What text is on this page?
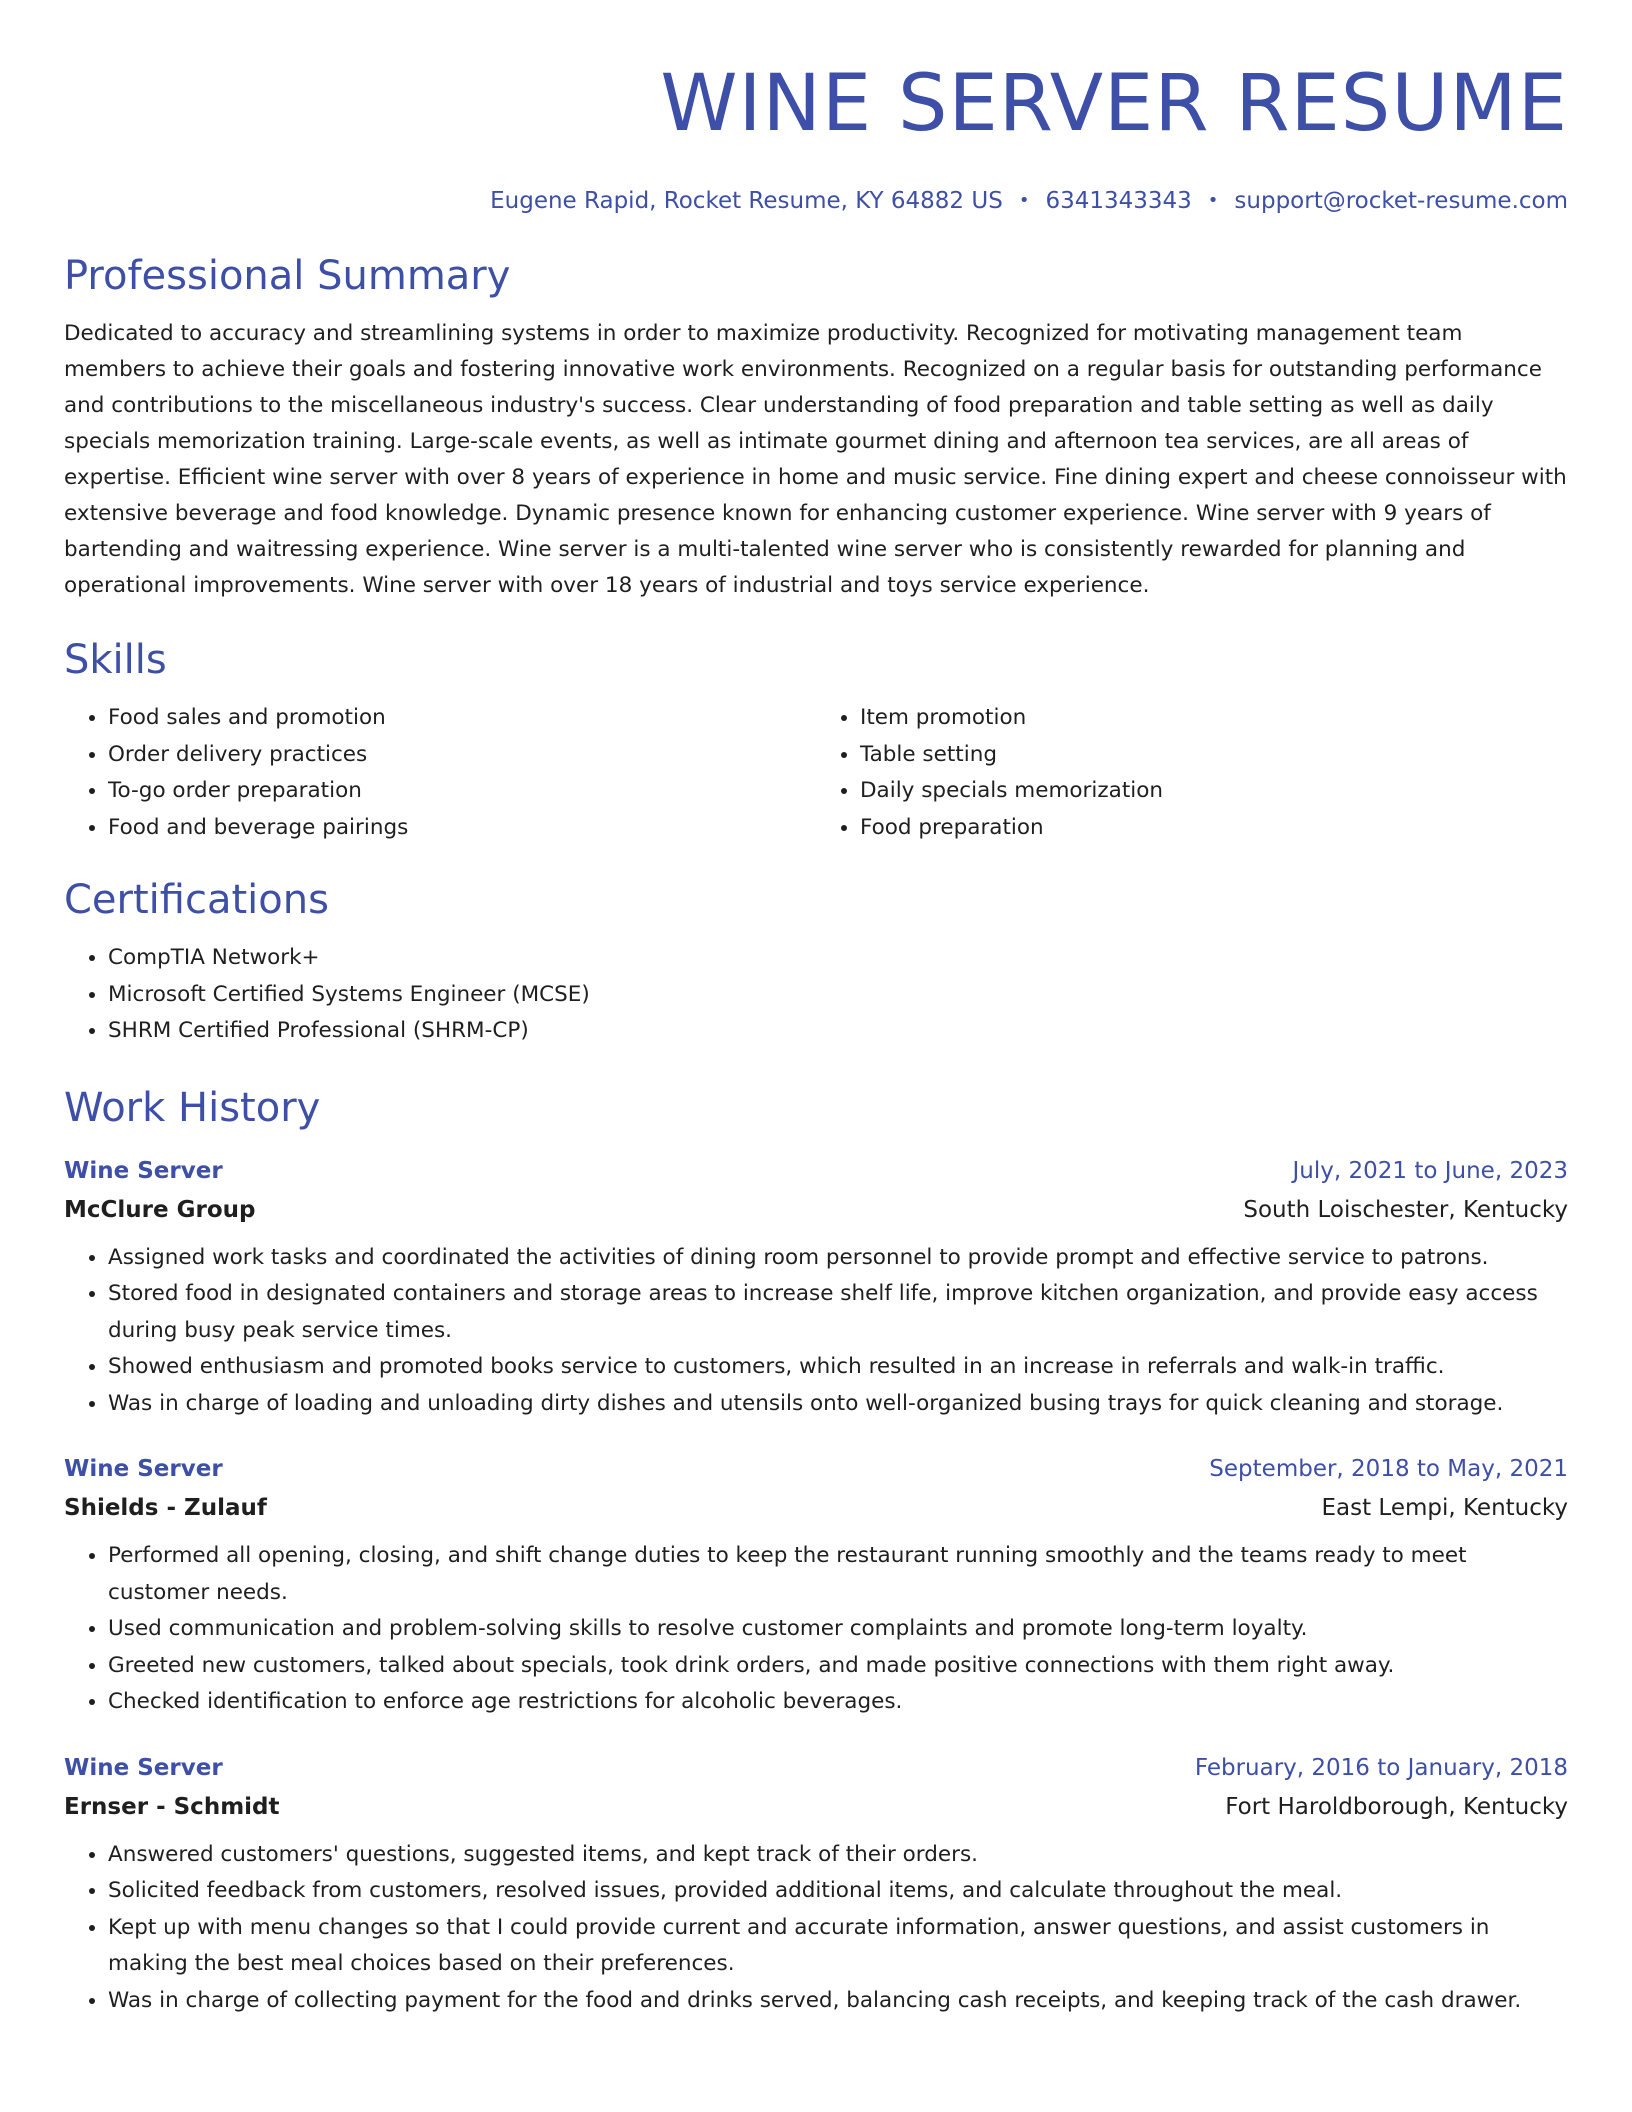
WINE SERVER RESUME
Eugene Rapid, Rocket Resume, KY 64882 US • 6341343343 • support@rocket-resume.com
Professional Summary

Dedicated to accuracy and streamlining systems in order to maximize productivity. Recognized for motivating management team members to achieve their goals and fostering innovative work environments. Recognized on a regular basis for outstanding performance and contributions to the miscellaneous industry's success. Clear understanding of food preparation and table setting as well as daily specials memorization training. Large-scale events, as well as intimate gourmet dining and afternoon tea services, are all areas of expertise. Efficient wine server with over 8 years of experience in home and music service. Fine dining expert and cheese connoisseur with extensive beverage and food knowledge. Dynamic presence known for enhancing customer experience. Wine server with 9 years of bartending and waitressing experience. Wine server is a multi-talented wine server who is consistently rewarded for planning and operational improvements. Wine server with over 18 years of industrial and toys service experience.

Skills
• Food sales and promotion
• Order delivery practices
• To-go order preparation
• Food and beverage pairings
• Item promotion
• Table setting
• Daily specials memorization
• Food preparation
Certifications
• CompTIA Network+
• Microsoft Certified Systems Engineer (MCSE)
• SHRM Certified Professional (SHRM-CP)
Work History
Wine Server	July, 2021 to June, 2023
McClure Group	South Loischester, Kentucky
• Assigned work tasks and coordinated the activities of dining room personnel to provide prompt and effective service to patrons.
• Stored food in designated containers and storage areas to increase shelf life, improve kitchen organization, and provide easy access during busy peak service times.
• Showed enthusiasm and promoted books service to customers, which resulted in an increase in referrals and walk-in traffic.
• Was in charge of loading and unloading dirty dishes and utensils onto well-organized busing trays for quick cleaning and storage.
Wine Server	September, 2018 to May, 2021
Shields - Zulauf	East Lempi, Kentucky
• Performed all opening, closing, and shift change duties to keep the restaurant running smoothly and the teams ready to meet customer needs.
• Used communication and problem-solving skills to resolve customer complaints and promote long-term loyalty.
• Greeted new customers, talked about specials, took drink orders, and made positive connections with them right away.
• Checked identification to enforce age restrictions for alcoholic beverages.
Wine Server	February, 2016 to January, 2018
Ernser - Schmidt	Fort Haroldborough, Kentucky
• Answered customers' questions, suggested items, and kept track of their orders.
• Solicited feedback from customers, resolved issues, provided additional items, and calculate throughout the meal.
• Kept up with menu changes so that I could provide current and accurate information, answer questions, and assist customers in making the best meal choices based on their preferences.
• Was in charge of collecting payment for the food and drinks served, balancing cash receipts, and keeping track of the cash drawer.
